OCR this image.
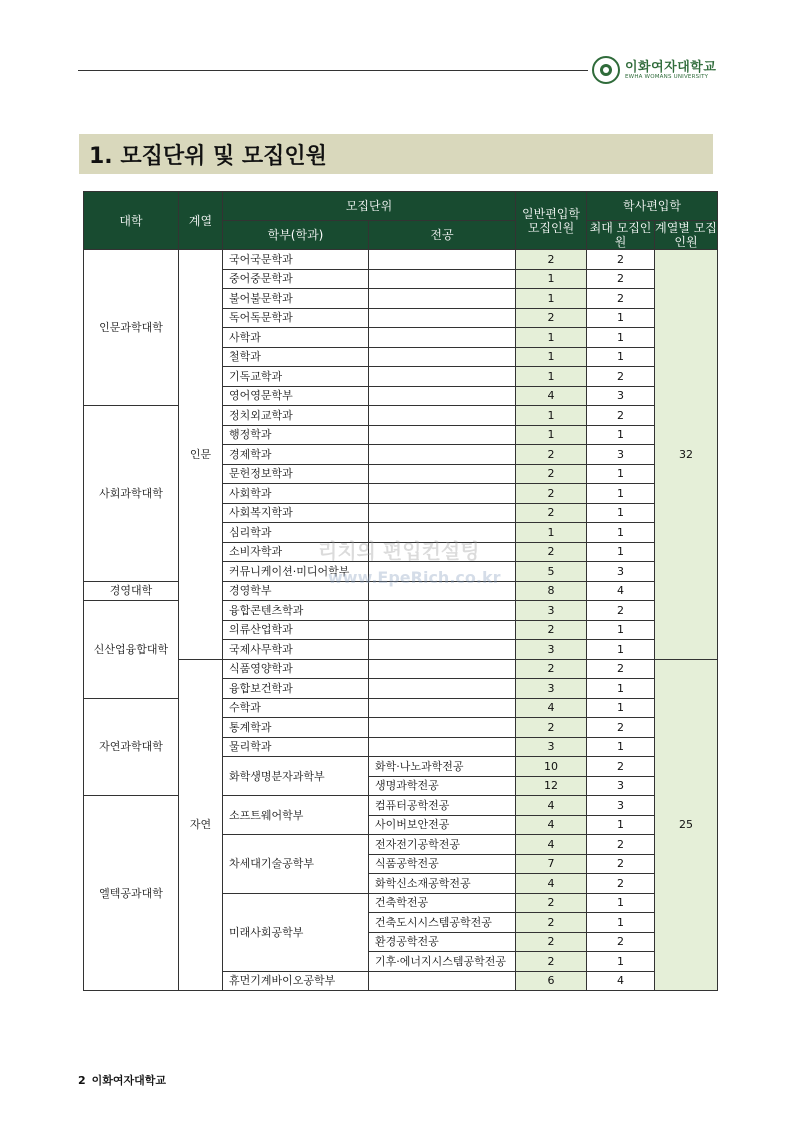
이화여자대학교
EWHA WOMANS UNIVERSITY
1. 모집단위 및 모집인원
대학	계열	모집단위		일반편입학 모집인원	학사편입학	
		학부(학과)	전공		최대 모집인원	계열별 모집인원
인문과학대학	인문	국어국문학과		2	2	32
		중어중문학과		1	2	
		불어불문학과		1	2	
		독어독문학과		2	1	
		사학과		1	1	
		철학과		1	1	
		기독교학과		1	2	
		영어영문학부		4	3	
사회과학대학		정치외교학과		1	2	
		행정학과		1	1	
		경제학과		2	3	
		문헌정보학과		2	1	
		사회학과		2	1	
		사회복지학과		2	1	
		심리학과		1	1	
		소비자학과		2	1	
		커뮤니케이션·미디어학부		5	3	
경영대학		경영학부		8	4	
신산업융합대학		융합콘텐츠학과		3	2	
		의류산업학과		2	1	
		국제사무학과		3	1	
	자연	식품영양학과		2	2	25
		융합보건학과		3	1	
자연과학대학		수학과		4	1	
		통계학과		2	2	
		물리학과		3	1	
		화학생명분자과학부	화학·나노과학전공	10	2	
			생명과학전공	12	3	
엘텍공과대학		소프트웨어학부	컴퓨터공학전공	4	3	
			사이버보안전공	4	1	
		차세대기술공학부	전자전기공학전공	4	2	
			식품공학전공	7	2	
			화학신소재공학전공	4	2	
		미래사회공학부	건축학전공	2	1	
			건축도시시스템공학전공	2	1	
			환경공학전공	2	2	
			기후·에너지시스템공학전공	2	1	
		휴먼기계바이오공학부		6	4	
리치의 편입컨설팅
www.EpeRich.co.kr
2 이화여자대학교
